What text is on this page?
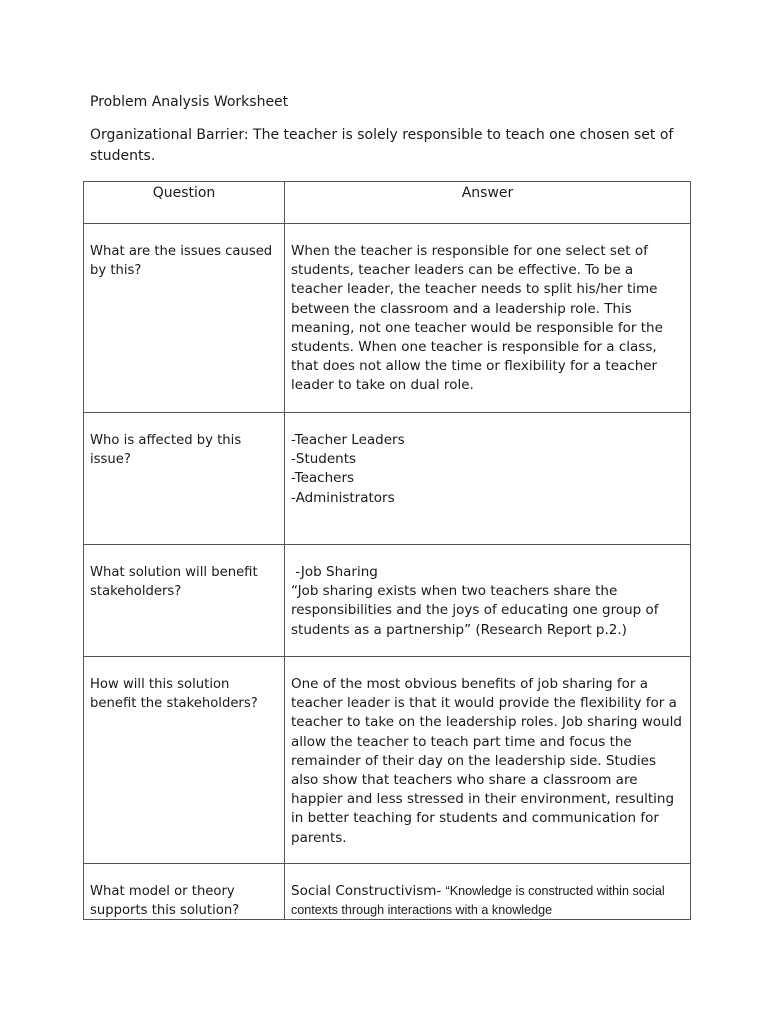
Problem Analysis Worksheet
Organizational Barrier: The teacher is solely responsible to teach one chosen set of students.
Question	Answer
What are the issues caused by this?	When the teacher is responsible for one select set of students, teacher leaders can be effective. To be a teacher leader, the teacher needs to split his/her time between the classroom and a leadership role. This meaning, not one teacher would be responsible for the students. When one teacher is responsible for a class, that does not allow the time or flexibility for a teacher leader to take on dual role.
Who is affected by this issue?	-Teacher Leaders
-Students
-Teachers
-Administrators

What solution will benefit stakeholders?	-Job Sharing
“Job sharing exists when two teachers share the responsibilities and the joys of educating one group of students as a partnership” (Research Report p.2.)

How will this solution benefit the stakeholders?	One of the most obvious benefits of job sharing for a teacher leader is that it would provide the flexibility for a teacher to take on the leadership roles. Job sharing would allow the teacher to teach part time and focus the remainder of their day on the leadership side. Studies also show that teachers who share a classroom are happier and less stressed in their environment, resulting in better teaching for students and communication for parents.

What model or theory supports this solution?	Social Constructivism- “Knowledge is constructed within social contexts through interactions with a knowledge
